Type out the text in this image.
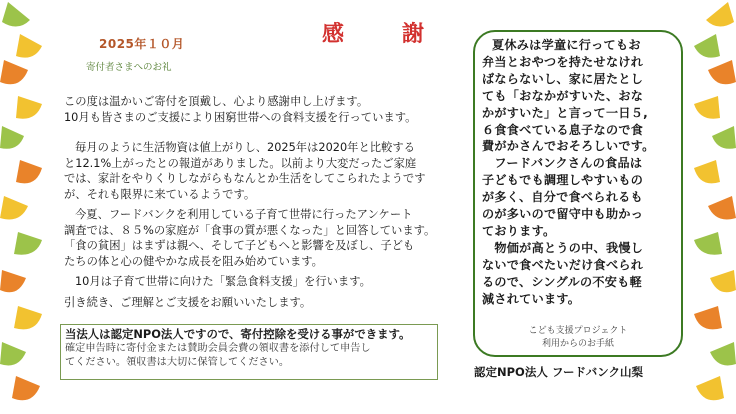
2025年１０月
寄付者さまへのお礼
感　謝
この度は温かいご寄付を頂戴し、心より感謝申し上げます。
10月も皆さまのご支援により困窮世帯への食料支援を行っています。
毎月のように生活物資は値上がりし、2025年は2020年と比較する
と12.1%上がったとの報道がありました。以前より大変だったご家庭
では、家計をやりくりしながらもなんとか生活をしてこられたようです
が、それも限界に来ているようです。
今夏、フードバンクを利用している子育て世帯に行ったアンケート
調査では、８５%の家庭が「食事の質が悪くなった」と回答しています。
「食の貧困」はまずは親へ、そして子どもへと影響を及ぼし、子ども
たちの体と心の健やかな成長を阻み始めています。
10月は子育て世帯に向けた「緊急食料支援」を行います。
引き続き、ご理解とご支援をお願いいたします。
当法人は認定NPO法人ですので、寄付控除を受ける事ができます。
確定申告時に寄付金または賛助会員会費の領収書を添付して申告し
てください。領収書は大切に保管してください。
夏休みは学童に行ってもお
弁当とおやつを持たせなけれ
ばならないし、家に居たとし
ても「おなかがすいた、おな
かがすいた」と言って一日５,
６食食べている息子なので食
費がかさんでおそろしいです。
　フードバンクさんの食品は
子どもでも調理しやすいもの
が多く、自分で食べられるも
のが多いので留守中も助かっ
ております。
　物価が高とうの中、我慢し
ないで食べたいだけ食べられ
るので、シングルの不安も軽
減されています。
こども支援プロジェクト
利用からのお手紙
認定NPO法人 フードバンク山梨
